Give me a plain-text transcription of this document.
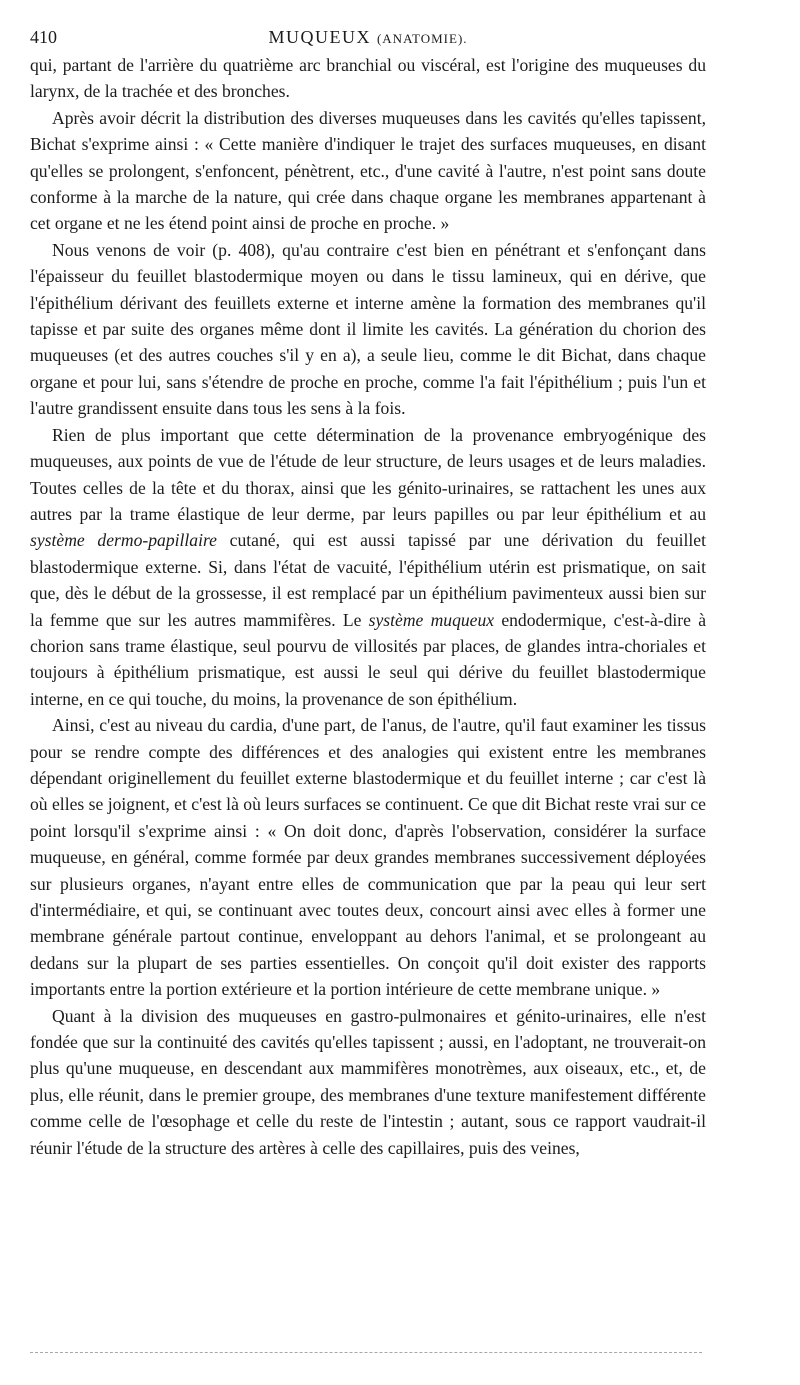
410	MUQUEUX (ANATOMIE).

qui, partant de l'arrière du quatrième arc branchial ou viscéral, est l'origine des muqueuses du larynx, de la trachée et des bronches.

Après avoir décrit la distribution des diverses muqueuses dans les cavités qu'elles tapissent, Bichat s'exprime ainsi : « Cette manière d'indiquer le trajet des surfaces muqueuses, en disant qu'elles se prolongent, s'enfoncent, pénètrent, etc., d'une cavité à l'autre, n'est point sans doute conforme à la marche de la nature, qui crée dans chaque organe les membranes appartenant à cet organe et ne les étend point ainsi de proche en proche. »

Nous venons de voir (p. 408), qu'au contraire c'est bien en pénétrant et s'enfonçant dans l'épaisseur du feuillet blastodermique moyen ou dans le tissu lamineux, qui en dérive, que l'épithélium dérivant des feuillets externe et interne amène la formation des membranes qu'il tapisse et par suite des organes même dont il limite les cavités. La génération du chorion des muqueuses (et des autres couches s'il y en a), a seule lieu, comme le dit Bichat, dans chaque organe et pour lui, sans s'étendre de proche en proche, comme l'a fait l'épithélium ; puis l'un et l'autre grandissent ensuite dans tous les sens à la fois.

Rien de plus important que cette détermination de la provenance embryogénique des muqueuses, aux points de vue de l'étude de leur structure, de leurs usages et de leurs maladies. Toutes celles de la tête et du thorax, ainsi que les génito-urinaires, se rattachent les unes aux autres par la trame élastique de leur derme, par leurs papilles ou par leur épithélium et au système dermo-papillaire cutané, qui est aussi tapissé par une dérivation du feuillet blastodermique externe. Si, dans l'état de vacuité, l'épithélium utérin est prismatique, on sait que, dès le début de la grossesse, il est remplacé par un épithélium pavimenteux aussi bien sur la femme que sur les autres mammifères. Le système muqueux endodermique, c'est-à-dire à chorion sans trame élastique, seul pourvu de villosités par places, de glandes intra-choriales et toujours à épithélium prismatique, est aussi le seul qui dérive du feuillet blastodermique interne, en ce qui touche, du moins, la provenance de son épithélium.

Ainsi, c'est au niveau du cardia, d'une part, de l'anus, de l'autre, qu'il faut examiner les tissus pour se rendre compte des différences et des analogies qui existent entre les membranes dépendant originellement du feuillet externe blastodermique et du feuillet interne ; car c'est là où elles se joignent, et c'est là où leurs surfaces se continuent. Ce que dit Bichat reste vrai sur ce point lorsqu'il s'exprime ainsi : « On doit donc, d'après l'observation, considérer la surface muqueuse, en général, comme formée par deux grandes membranes successivement déployées sur plusieurs organes, n'ayant entre elles de communication que par la peau qui leur sert d'intermédiaire, et qui, se continuant avec toutes deux, concourt ainsi avec elles à former une membrane générale partout continue, enveloppant au dehors l'animal, et se prolongeant au dedans sur la plupart de ses parties essentielles. On conçoit qu'il doit exister des rapports importants entre la portion extérieure et la portion intérieure de cette membrane unique. »

Quant à la division des muqueuses en gastro-pulmonaires et génito-urinaires, elle n'est fondée que sur la continuité des cavités qu'elles tapissent ; aussi, en l'adoptant, ne trouverait-on plus qu'une muqueuse, en descendant aux mammifères monotrèmes, aux oiseaux, etc., et, de plus, elle réunit, dans le premier groupe, des membranes d'une texture manifestement différente comme celle de l'œsophage et celle du reste de l'intestin ; autant, sous ce rapport vaudrait-il réunir l'étude de la structure des artères à celle des capillaires, puis des veines,
